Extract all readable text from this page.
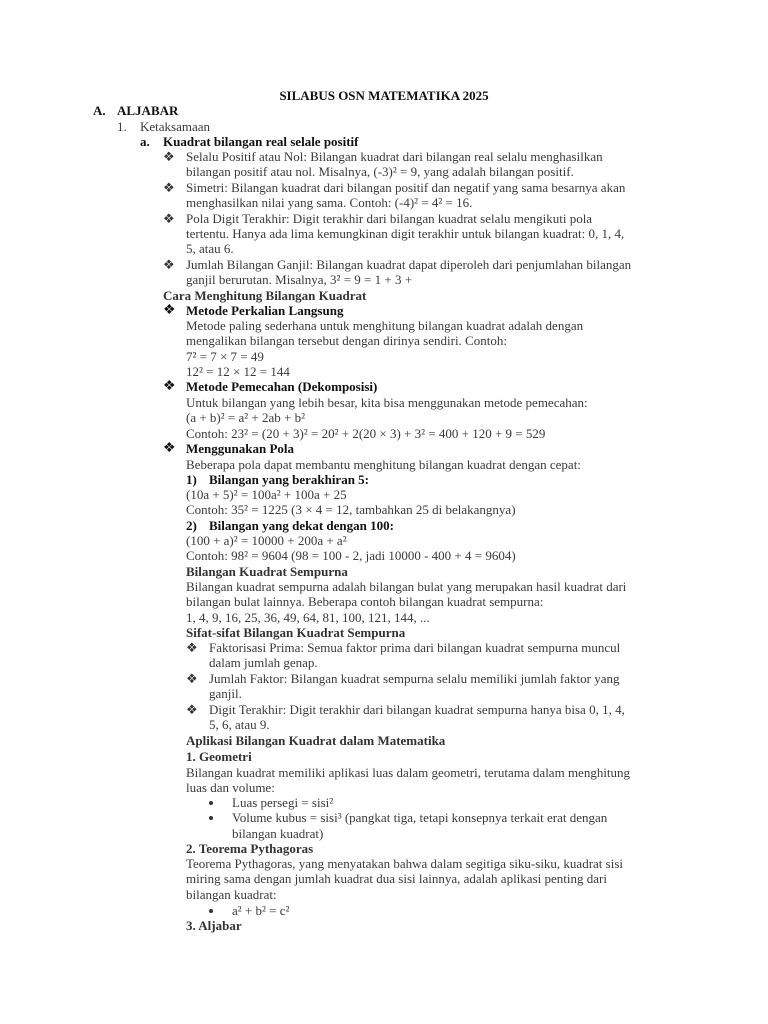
SILABUS OSN MATEMATIKA 2025
A. ALJABAR
1. Ketaksamaan
a. Kuadrat bilangan real selale positif
❖ Selalu Positif atau Nol: Bilangan kuadrat dari bilangan real selalu menghasilkan
bilangan positif atau nol. Misalnya, (-3)² = 9, yang adalah bilangan positif.
❖ Simetri: Bilangan kuadrat dari bilangan positif dan negatif yang sama besarnya akan
menghasilkan nilai yang sama. Contoh: (-4)² = 4² = 16.
❖ Pola Digit Terakhir: Digit terakhir dari bilangan kuadrat selalu mengikuti pola
tertentu. Hanya ada lima kemungkinan digit terakhir untuk bilangan kuadrat: 0, 1, 4,
5, atau 6.
❖ Jumlah Bilangan Ganjil: Bilangan kuadrat dapat diperoleh dari penjumlahan bilangan
ganjil berurutan. Misalnya, 3² = 9 = 1 + 3 +
Cara Menghitung Bilangan Kuadrat
❖ Metode Perkalian Langsung
Metode paling sederhana untuk menghitung bilangan kuadrat adalah dengan
mengalikan bilangan tersebut dengan dirinya sendiri. Contoh:
7² = 7 × 7 = 49
12² = 12 × 12 = 144
❖ Metode Pemecahan (Dekomposisi)
Untuk bilangan yang lebih besar, kita bisa menggunakan metode pemecahan:
(a + b)² = a² + 2ab + b²
Contoh: 23² = (20 + 3)² = 20² + 2(20 × 3) + 3² = 400 + 120 + 9 = 529
❖ Menggunakan Pola
Beberapa pola dapat membantu menghitung bilangan kuadrat dengan cepat:
1) Bilangan yang berakhiran 5:
(10a + 5)² = 100a² + 100a + 25
Contoh: 35² = 1225 (3 × 4 = 12, tambahkan 25 di belakangnya)
2) Bilangan yang dekat dengan 100:
(100 + a)² = 10000 + 200a + a²
Contoh: 98² = 9604 (98 = 100 - 2, jadi 10000 - 400 + 4 = 9604)
Bilangan Kuadrat Sempurna
Bilangan kuadrat sempurna adalah bilangan bulat yang merupakan hasil kuadrat dari
bilangan bulat lainnya. Beberapa contoh bilangan kuadrat sempurna:
1, 4, 9, 16, 25, 36, 49, 64, 81, 100, 121, 144, ...
Sifat-sifat Bilangan Kuadrat Sempurna
❖ Faktorisasi Prima: Semua faktor prima dari bilangan kuadrat sempurna muncul
dalam jumlah genap.
❖ Jumlah Faktor: Bilangan kuadrat sempurna selalu memiliki jumlah faktor yang
ganjil.
❖ Digit Terakhir: Digit terakhir dari bilangan kuadrat sempurna hanya bisa 0, 1, 4,
5, 6, atau 9.
Aplikasi Bilangan Kuadrat dalam Matematika
1. Geometri
Bilangan kuadrat memiliki aplikasi luas dalam geometri, terutama dalam menghitung
luas dan volume:
Luas persegi = sisi²
Volume kubus = sisi³ (pangkat tiga, tetapi konsepnya terkait erat dengan
bilangan kuadrat)
2. Teorema Pythagoras
Teorema Pythagoras, yang menyatakan bahwa dalam segitiga siku-siku, kuadrat sisi
miring sama dengan jumlah kuadrat dua sisi lainnya, adalah aplikasi penting dari
bilangan kuadrat:
a² + b² = c²
3. Aljabar
